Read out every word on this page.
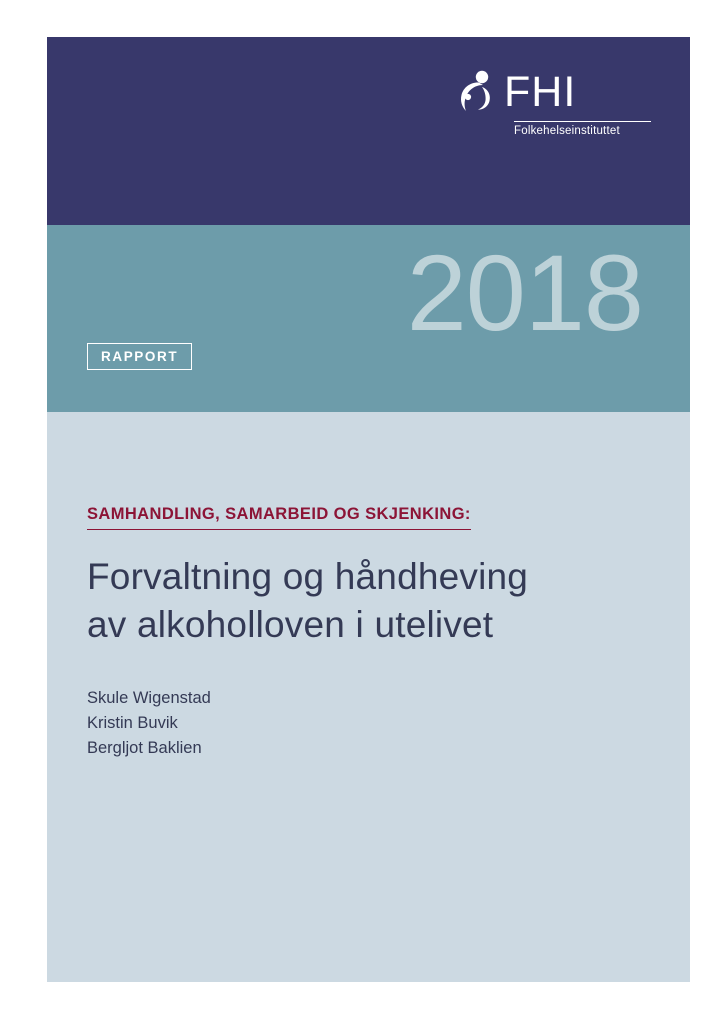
FHI
Folkehelseinstituttet
2018
RAPPORT
SAMHANDLING, SAMARBEID OG SKJENKING:
Forvaltning og håndheving
av alkoholloven i utelivet
Skule Wigenstad
Kristin Buvik
Bergljot Baklien
